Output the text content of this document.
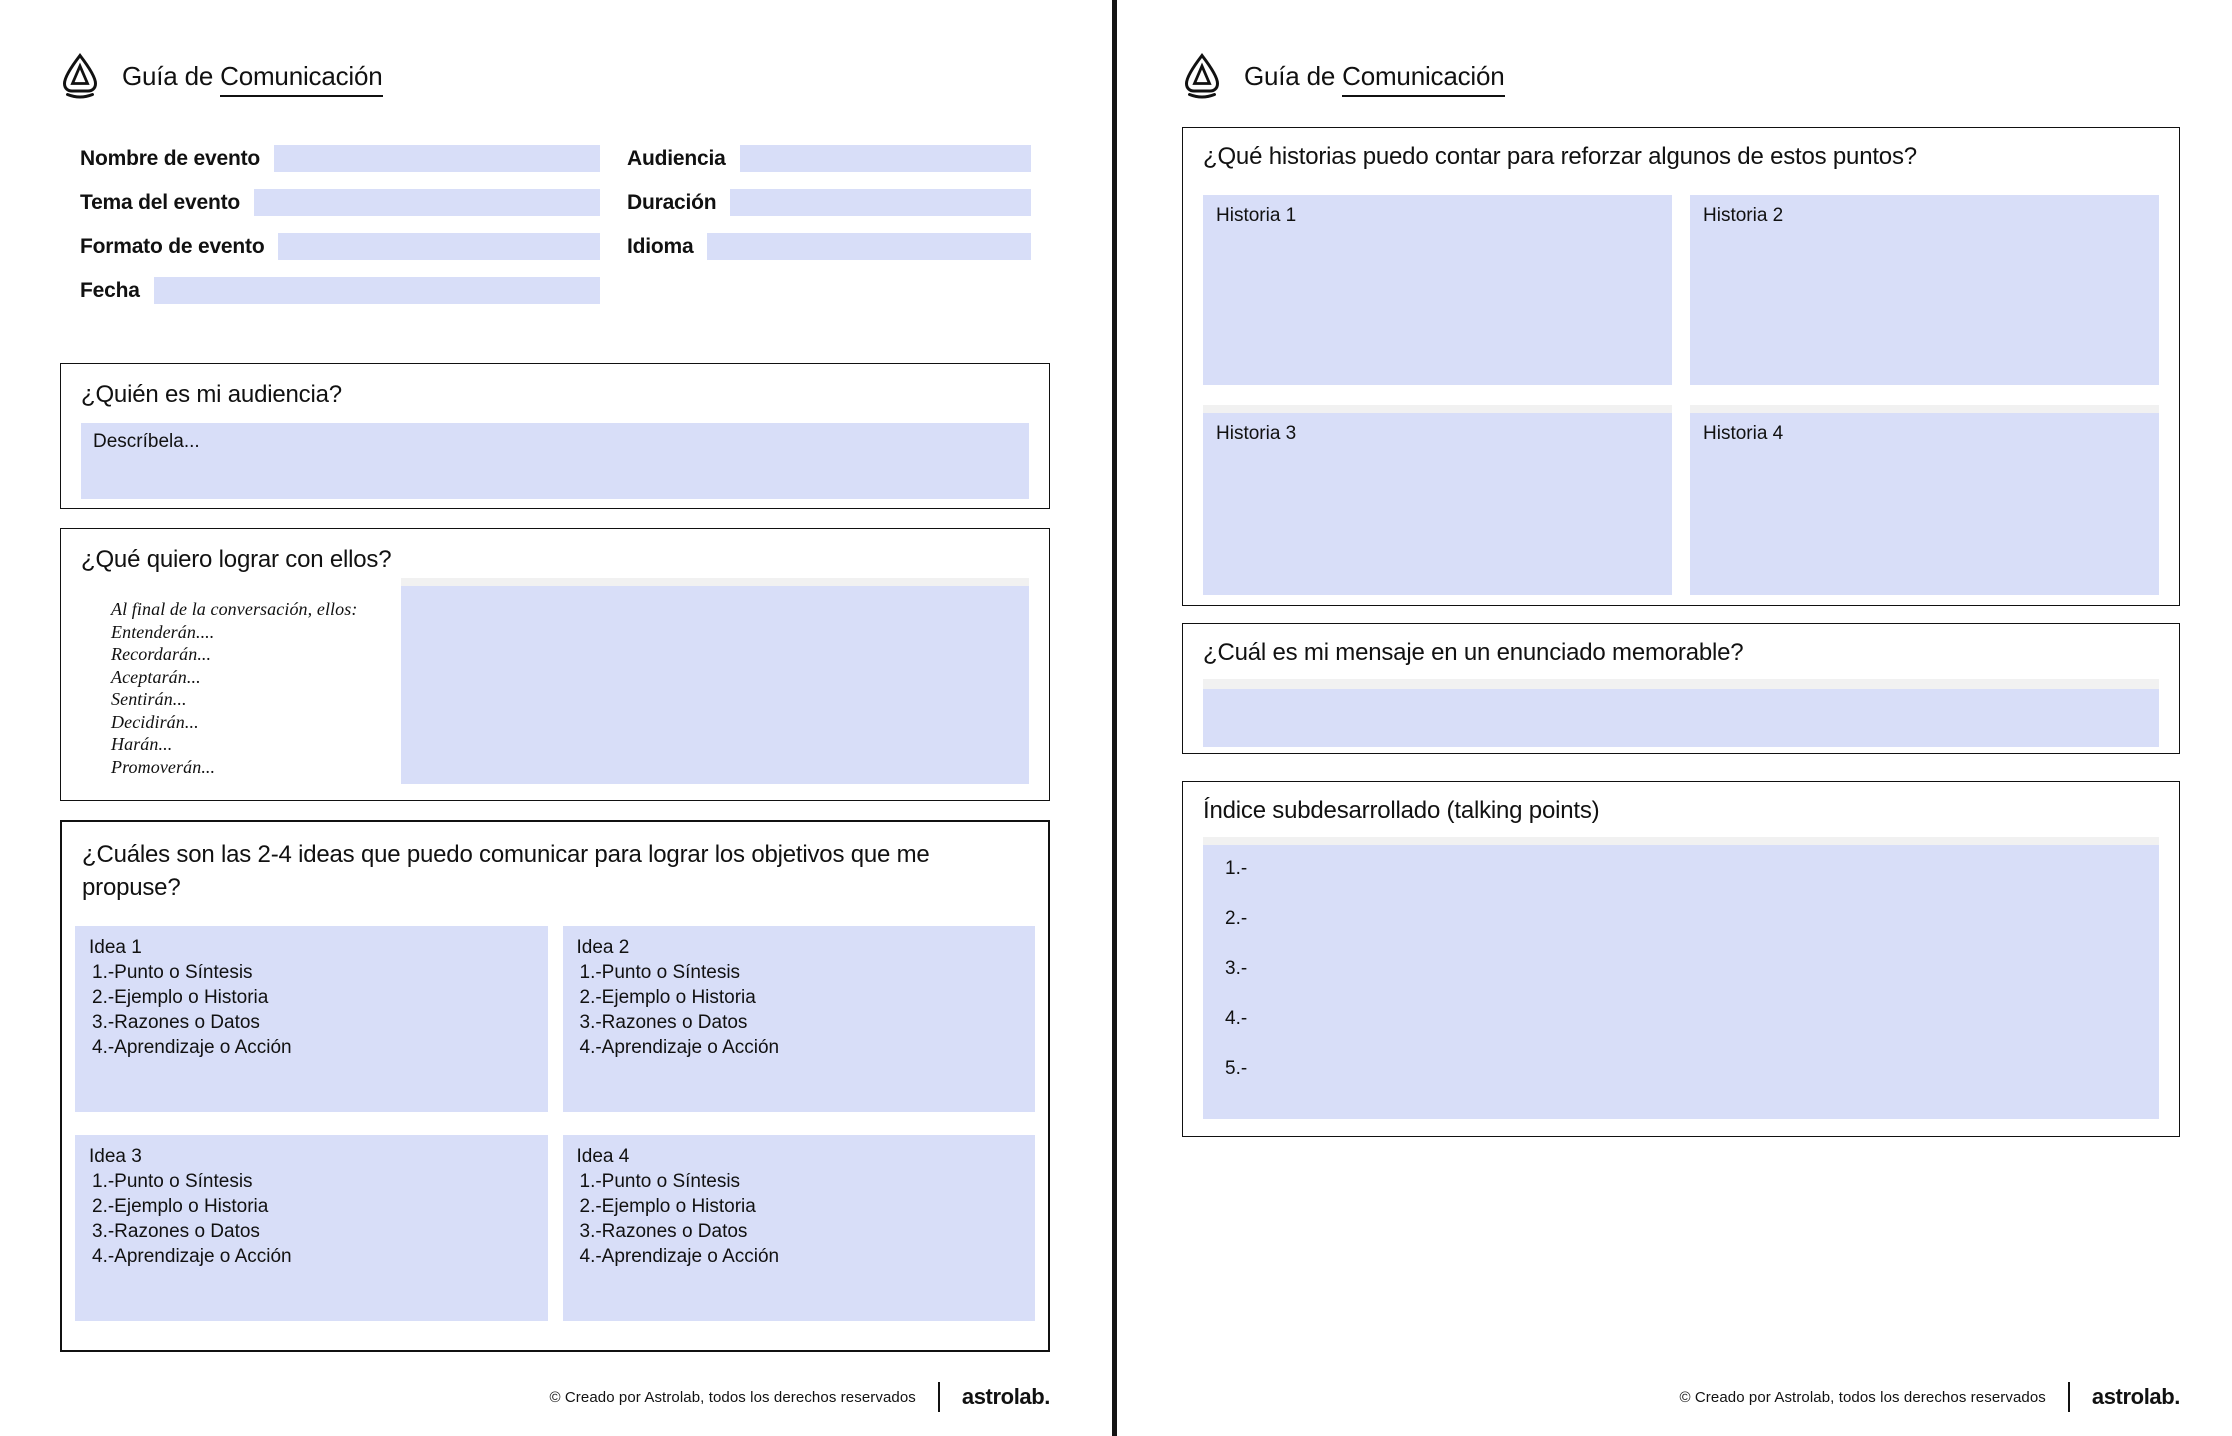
Guía de Comunicación
Nombre de evento
Tema del evento
Formato de evento
Fecha
Audiencia
Duración
Idioma
¿Quién es mi audiencia?
Descríbela...
¿Qué quiero lograr con ellos?
Al final de la conversación, ellos:
Entenderán....
Recordarán...
Aceptarán...
Sentirán...
Decidirán...
Harán...
Promoverán...
¿Cuáles son las 2-4 ideas que puedo comunicar para lograr los objetivos que me propuse?
Idea 1
1.-Punto o Síntesis
2.-Ejemplo o Historia
3.-Razones o Datos
4.-Aprendizaje o Acción
Idea 2
1.-Punto o Síntesis
2.-Ejemplo o Historia
3.-Razones o Datos
4.-Aprendizaje o Acción
Idea 3
1.-Punto o Síntesis
2.-Ejemplo o Historia
3.-Razones o Datos
4.-Aprendizaje o Acción
Idea 4
1.-Punto o Síntesis
2.-Ejemplo o Historia
3.-Razones o Datos
4.-Aprendizaje o Acción
© Creado por Astrolab, todos los derechos reservados astrolab.
Guía de Comunicación
¿Qué historias puedo contar para reforzar algunos de estos puntos?
Historia 1	Historia 2
Historia 3	Historia 4
¿Cuál es mi mensaje en un enunciado memorable?
Índice subdesarrollado (talking points)
1.-
2.-
3.-
4.-
5.-
© Creado por Astrolab, todos los derechos reservados astrolab.
